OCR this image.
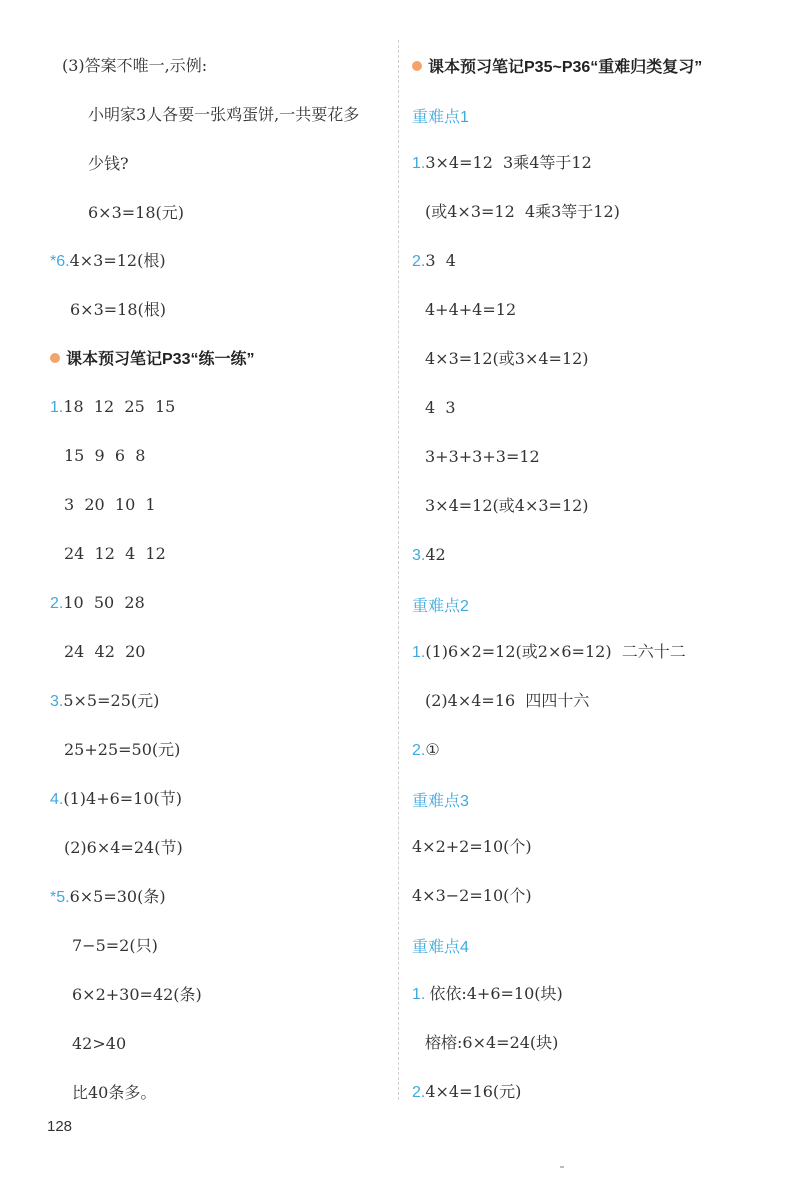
(3)答案不唯一,示例:
小明家3人各要一张鸡蛋饼,一共要花多
少钱?
6×3=18(元)
*6.4×3=12(根)
6×3=18(根)
课本预习笔记P33“练一练”
1.18  12  25  15
15  9  6  8
3  20  10  1
24  12  4  12
2.10  50  28
24  42  20
3.5×5=25(元)
25+25=50(元)
4.(1)4+6=10(节)
(2)6×4=24(节)
*5.6×5=30(条)
7−5=2(只)
6×2+30=42(条)
42>40
比40条多。
课本预习笔记P35~P36“重难归类复习”
重难点1
1.3×4=12  3乘4等于12
(或4×3=12  4乘3等于12)
2.3  4
4+4+4=12
4×3=12(或3×4=12)
4  3
3+3+3+3=12
3×4=12(或4×3=12)
3.42
重难点2
1.(1)6×2=12(或2×6=12)  二六十二
(2)4×4=16  四四十六
2.①
重难点3
4×2+2=10(个)
4×3−2=10(个)
重难点4
1. 依依:4+6=10(块)
榕榕:6×4=24(块)
2.4×4=16(元)
128
